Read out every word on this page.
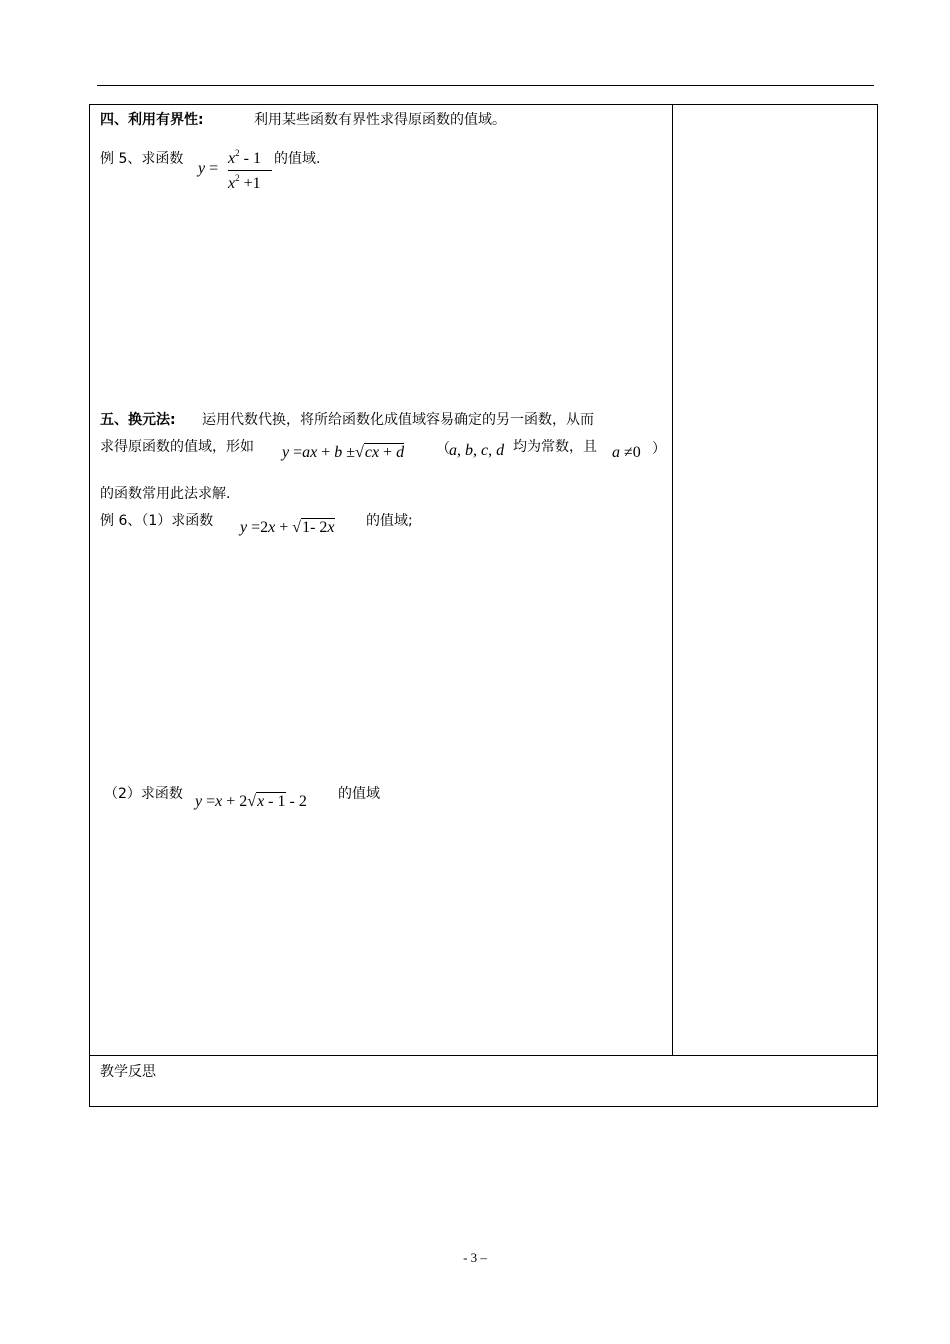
四、利用有界性:	利用某些函数有界性求得原函数的值域。
例 5、求函数
y =
$x^2 - 1$
$x^2 +1$
的值域.
五、换元法: 运用代数代换，将所给函数化成值域容易确定的另一函数，从而
求得原函数的值域，形如 y =ax + b ±√cx + d （ a, b, c, d 均为常数，且 a ≠0 ）
的函数常用此法求解.
例 6、（1）求函数 y =2x + √1- 2x 的值域;
（2）求函数 y =x + 2√x - 1 - 2 的值域
教学反思
- 3 –
